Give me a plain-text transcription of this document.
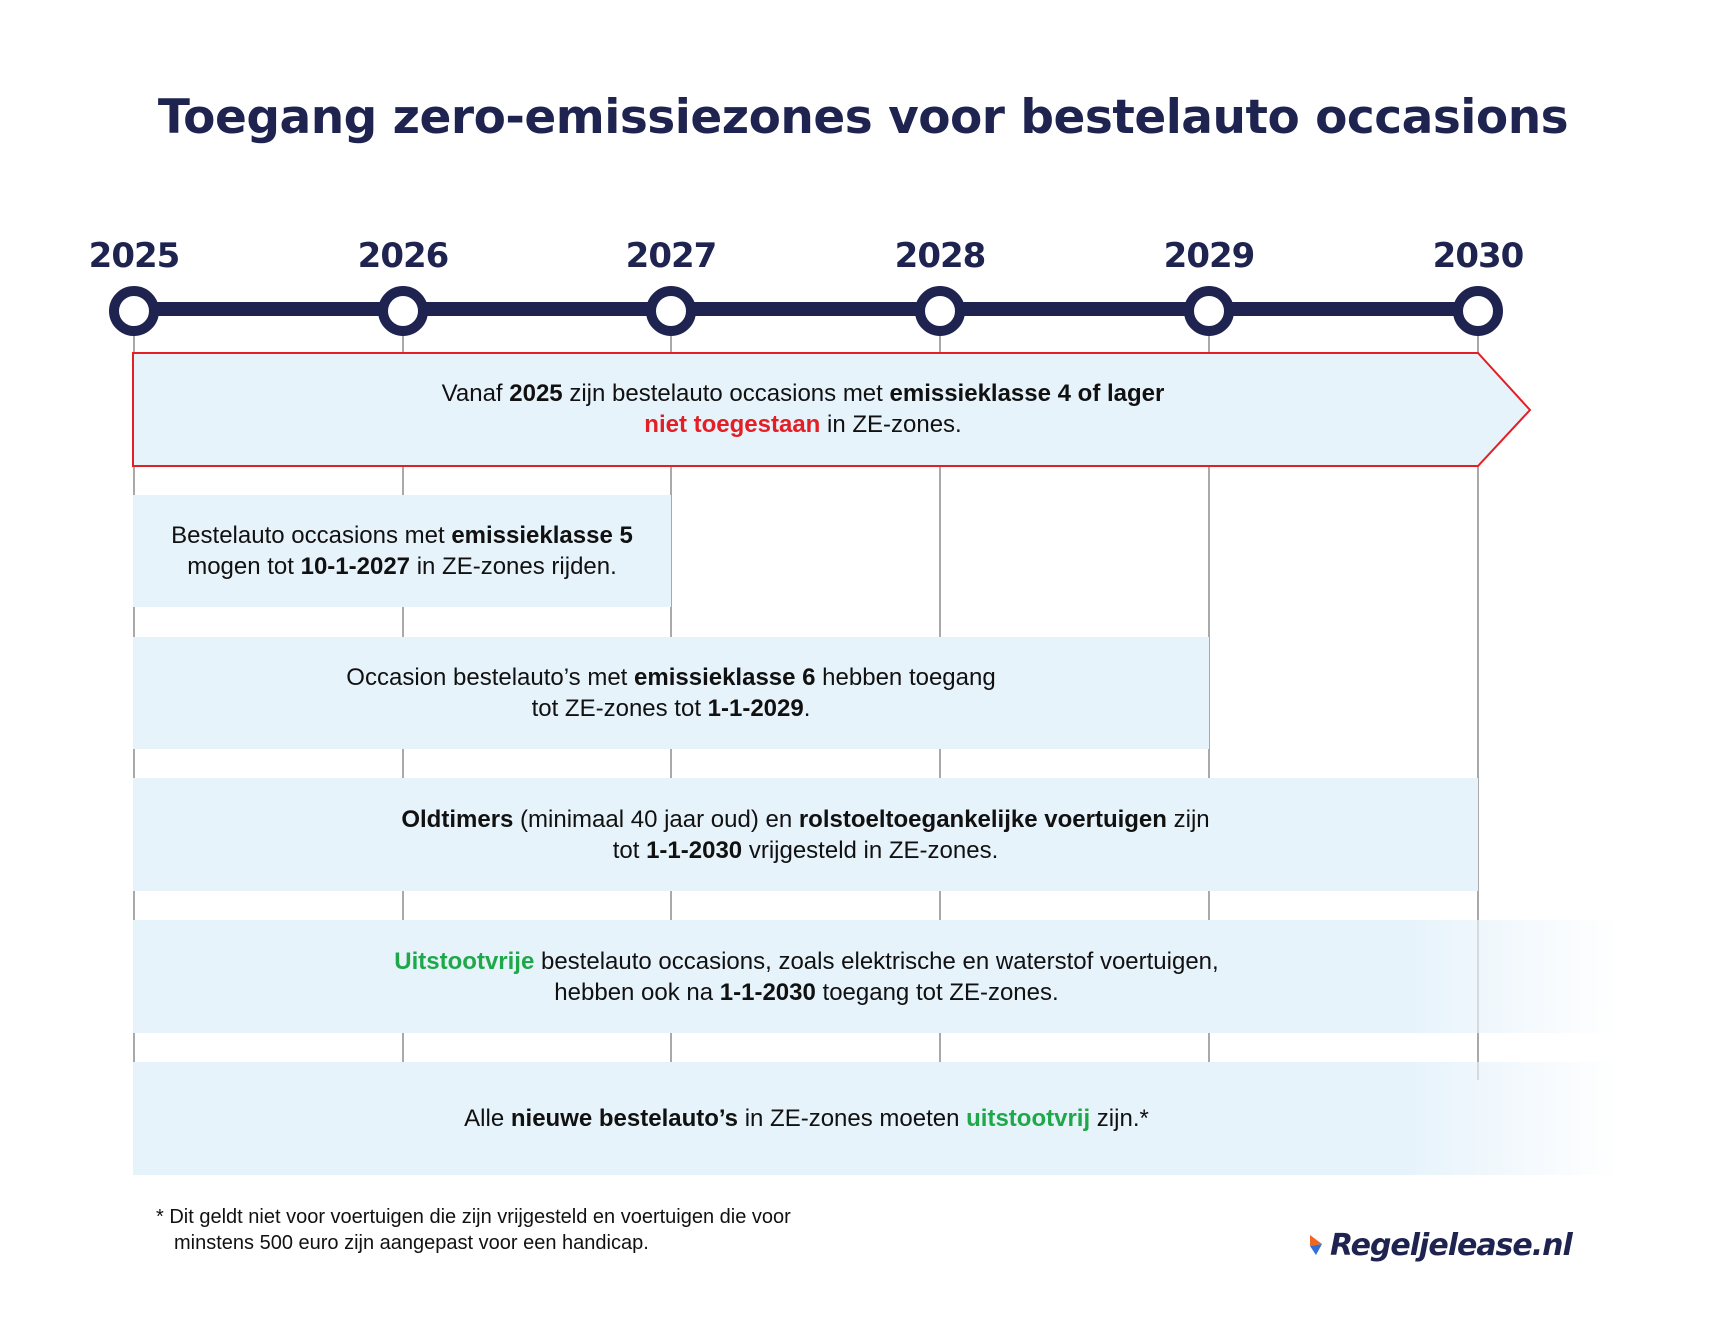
Toegang zero-emissiezones voor bestelauto occasions
2025	2026	2027	2028	2029	2030
Vanaf 2025 zijn bestelauto occasions met emissieklasse 4 of lager
niet toegestaan in ZE-zones.
Bestelauto occasions met emissieklasse 5
mogen tot 10-1-2027 in ZE-zones rijden.
Occasion bestelauto’s met emissieklasse 6 hebben toegang
tot ZE-zones tot 1-1-2029.
Oldtimers (minimaal 40 jaar oud) en rolstoeltoegankelijke voertuigen zijn
tot 1-1-2030 vrijgesteld in ZE-zones.
Uitstootvrije bestelauto occasions, zoals elektrische en waterstof voertuigen,
hebben ook na 1-1-2030 toegang tot ZE-zones.
Alle nieuwe bestelauto’s in ZE-zones moeten uitstootvrij zijn.*
* Dit geldt niet voor voertuigen die zijn vrijgesteld en voertuigen die voor
minstens 500 euro zijn aangepast voor een handicap.	Regeljelease.nl
